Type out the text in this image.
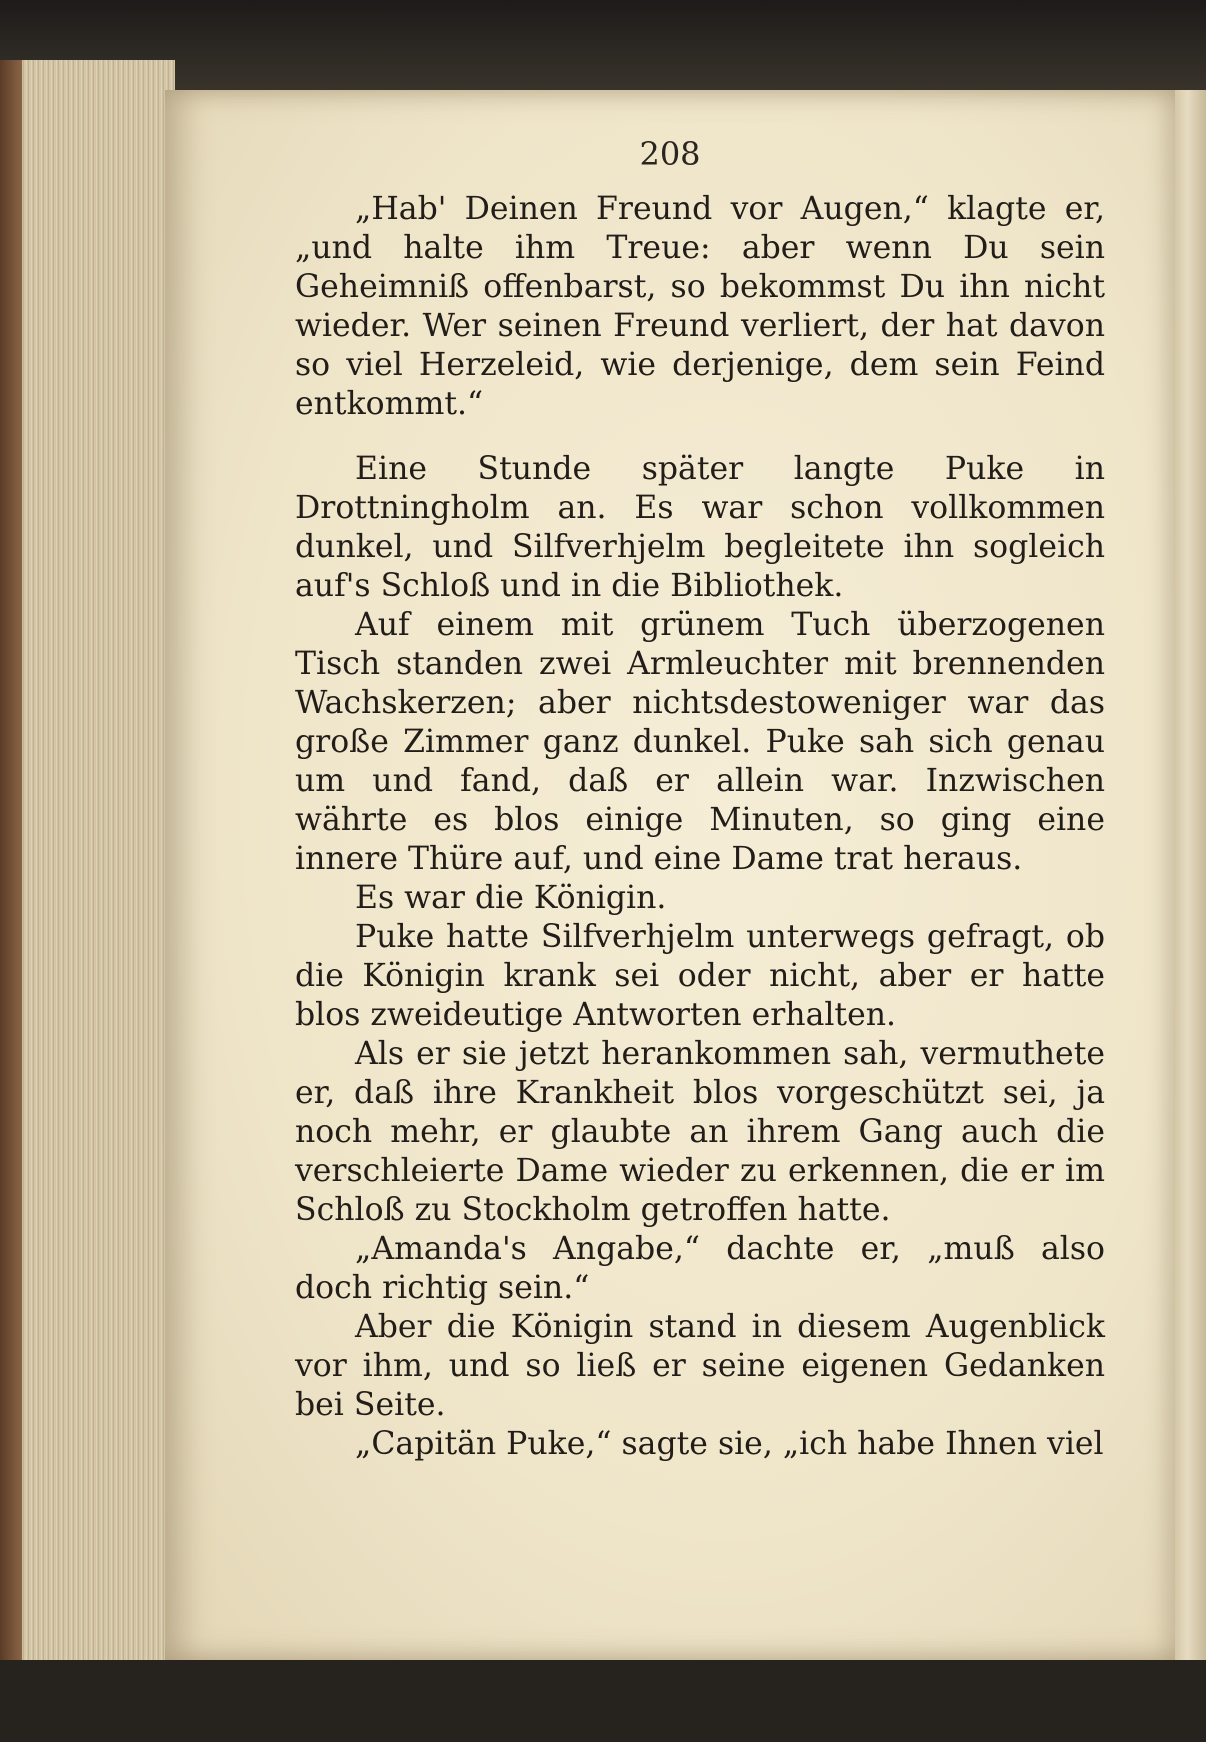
208

„Hab' Deinen Freund vor Augen,“ klagte er, „und halte ihm Treue: aber wenn Du sein Geheimniß offenbarst, so bekommst Du ihn nicht wieder. Wer seinen Freund verliert, der hat davon so viel Herzeleid, wie derjenige, dem sein Feind entkommt.“

Eine Stunde später langte Puke in Drottningholm an. Es war schon vollkommen dunkel, und Silfverhjelm begleitete ihn sogleich auf's Schloß und in die Bibliothek.

Auf einem mit grünem Tuch überzogenen Tisch standen zwei Armleuchter mit brennenden Wachskerzen; aber nichtsdestoweniger war das große Zimmer ganz dunkel. Puke sah sich genau um und fand, daß er allein war. Inzwischen währte es blos einige Minuten, so ging eine innere Thüre auf, und eine Dame trat heraus.

Es war die Königin.

Puke hatte Silfverhjelm unterwegs gefragt, ob die Königin krank sei oder nicht, aber er hatte blos zweideutige Antworten erhalten.

Als er sie jetzt herankommen sah, vermuthete er, daß ihre Krankheit blos vorgeschützt sei, ja noch mehr, er glaubte an ihrem Gang auch die verschleierte Dame wieder zu erkennen, die er im Schloß zu Stockholm getroffen hatte.

„Amanda's Angabe,“ dachte er, „muß also doch richtig sein.“

Aber die Königin stand in diesem Augenblick vor ihm, und so ließ er seine eigenen Gedanken bei Seite.

„Capitän Puke,“ sagte sie, „ich habe Ihnen viel
